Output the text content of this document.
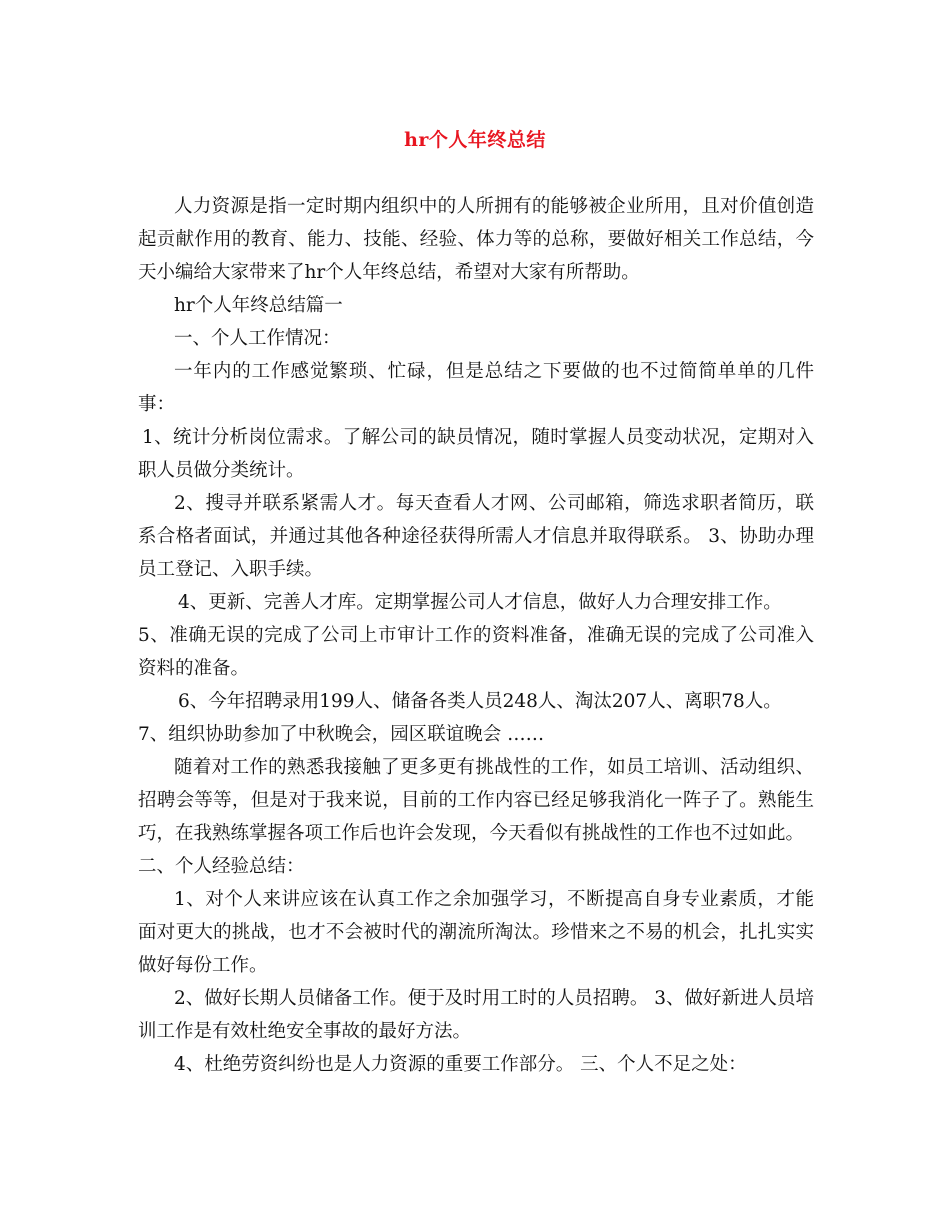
hr个人年终总结

人力资源是指一定时期内组织中的人所拥有的能够被企业所用，且对价值创造起贡献作用的教育、能力、技能、经验、体力等的总称，要做好相关工作总结，今天小编给大家带来了hr个人年终总结，希望对大家有所帮助。

hr个人年终总结篇一

一、个人工作情况：

一年内的工作感觉繁琐、忙碌，但是总结之下要做的也不过简简单单的几件事：

1、统计分析岗位需求。了解公司的缺员情况，随时掌握人员变动状况，定期对入职人员做分类统计。

2、搜寻并联系紧需人才。每天查看人才网、公司邮箱，筛选求职者简历，联系合格者面试，并通过其他各种途径获得所需人才信息并取得联系。 3、协助办理员工登记、入职手续。

4、更新、完善人才库。定期掌握公司人才信息，做好人力合理安排工作。

5、准确无误的完成了公司上市审计工作的资料准备，准确无误的完成了公司准入资料的准备。

6、今年招聘录用199人、储备各类人员248人、淘汰207人、离职78人。

7、组织协助参加了中秋晚会，园区联谊晚会 ……

随着对工作的熟悉我接触了更多更有挑战性的工作，如员工培训、活动组织、招聘会等等，但是对于我来说，目前的工作内容已经足够我消化一阵子了。熟能生巧，在我熟练掌握各项工作后也许会发现，今天看似有挑战性的工作也不过如此。

二、个人经验总结：

1、对个人来讲应该在认真工作之余加强学习，不断提高自身专业素质，才能面对更大的挑战，也才不会被时代的潮流所淘汰。珍惜来之不易的机会，扎扎实实做好每份工作。

2、做好长期人员储备工作。便于及时用工时的人员招聘。 3、做好新进人员培训工作是有效杜绝安全事故的最好方法。

4、杜绝劳资纠纷也是人力资源的重要工作部分。 三、个人不足之处：
